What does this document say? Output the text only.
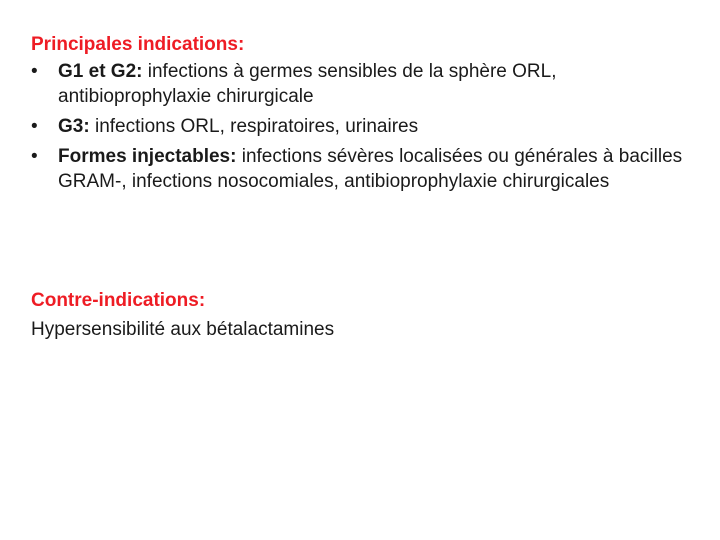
Principales indications:

•	G1 et G2: infections à germes sensibles de la sphère ORL, antibioprophylaxie chirurgicale
•	G3: infections ORL, respiratoires, urinaires
•	Formes injectables: infections sévères localisées ou générales à bacilles GRAM-, infections nosocomiales, antibioprophylaxie chirurgicales

Contre-indications:

Hypersensibilité aux bétalactamines
